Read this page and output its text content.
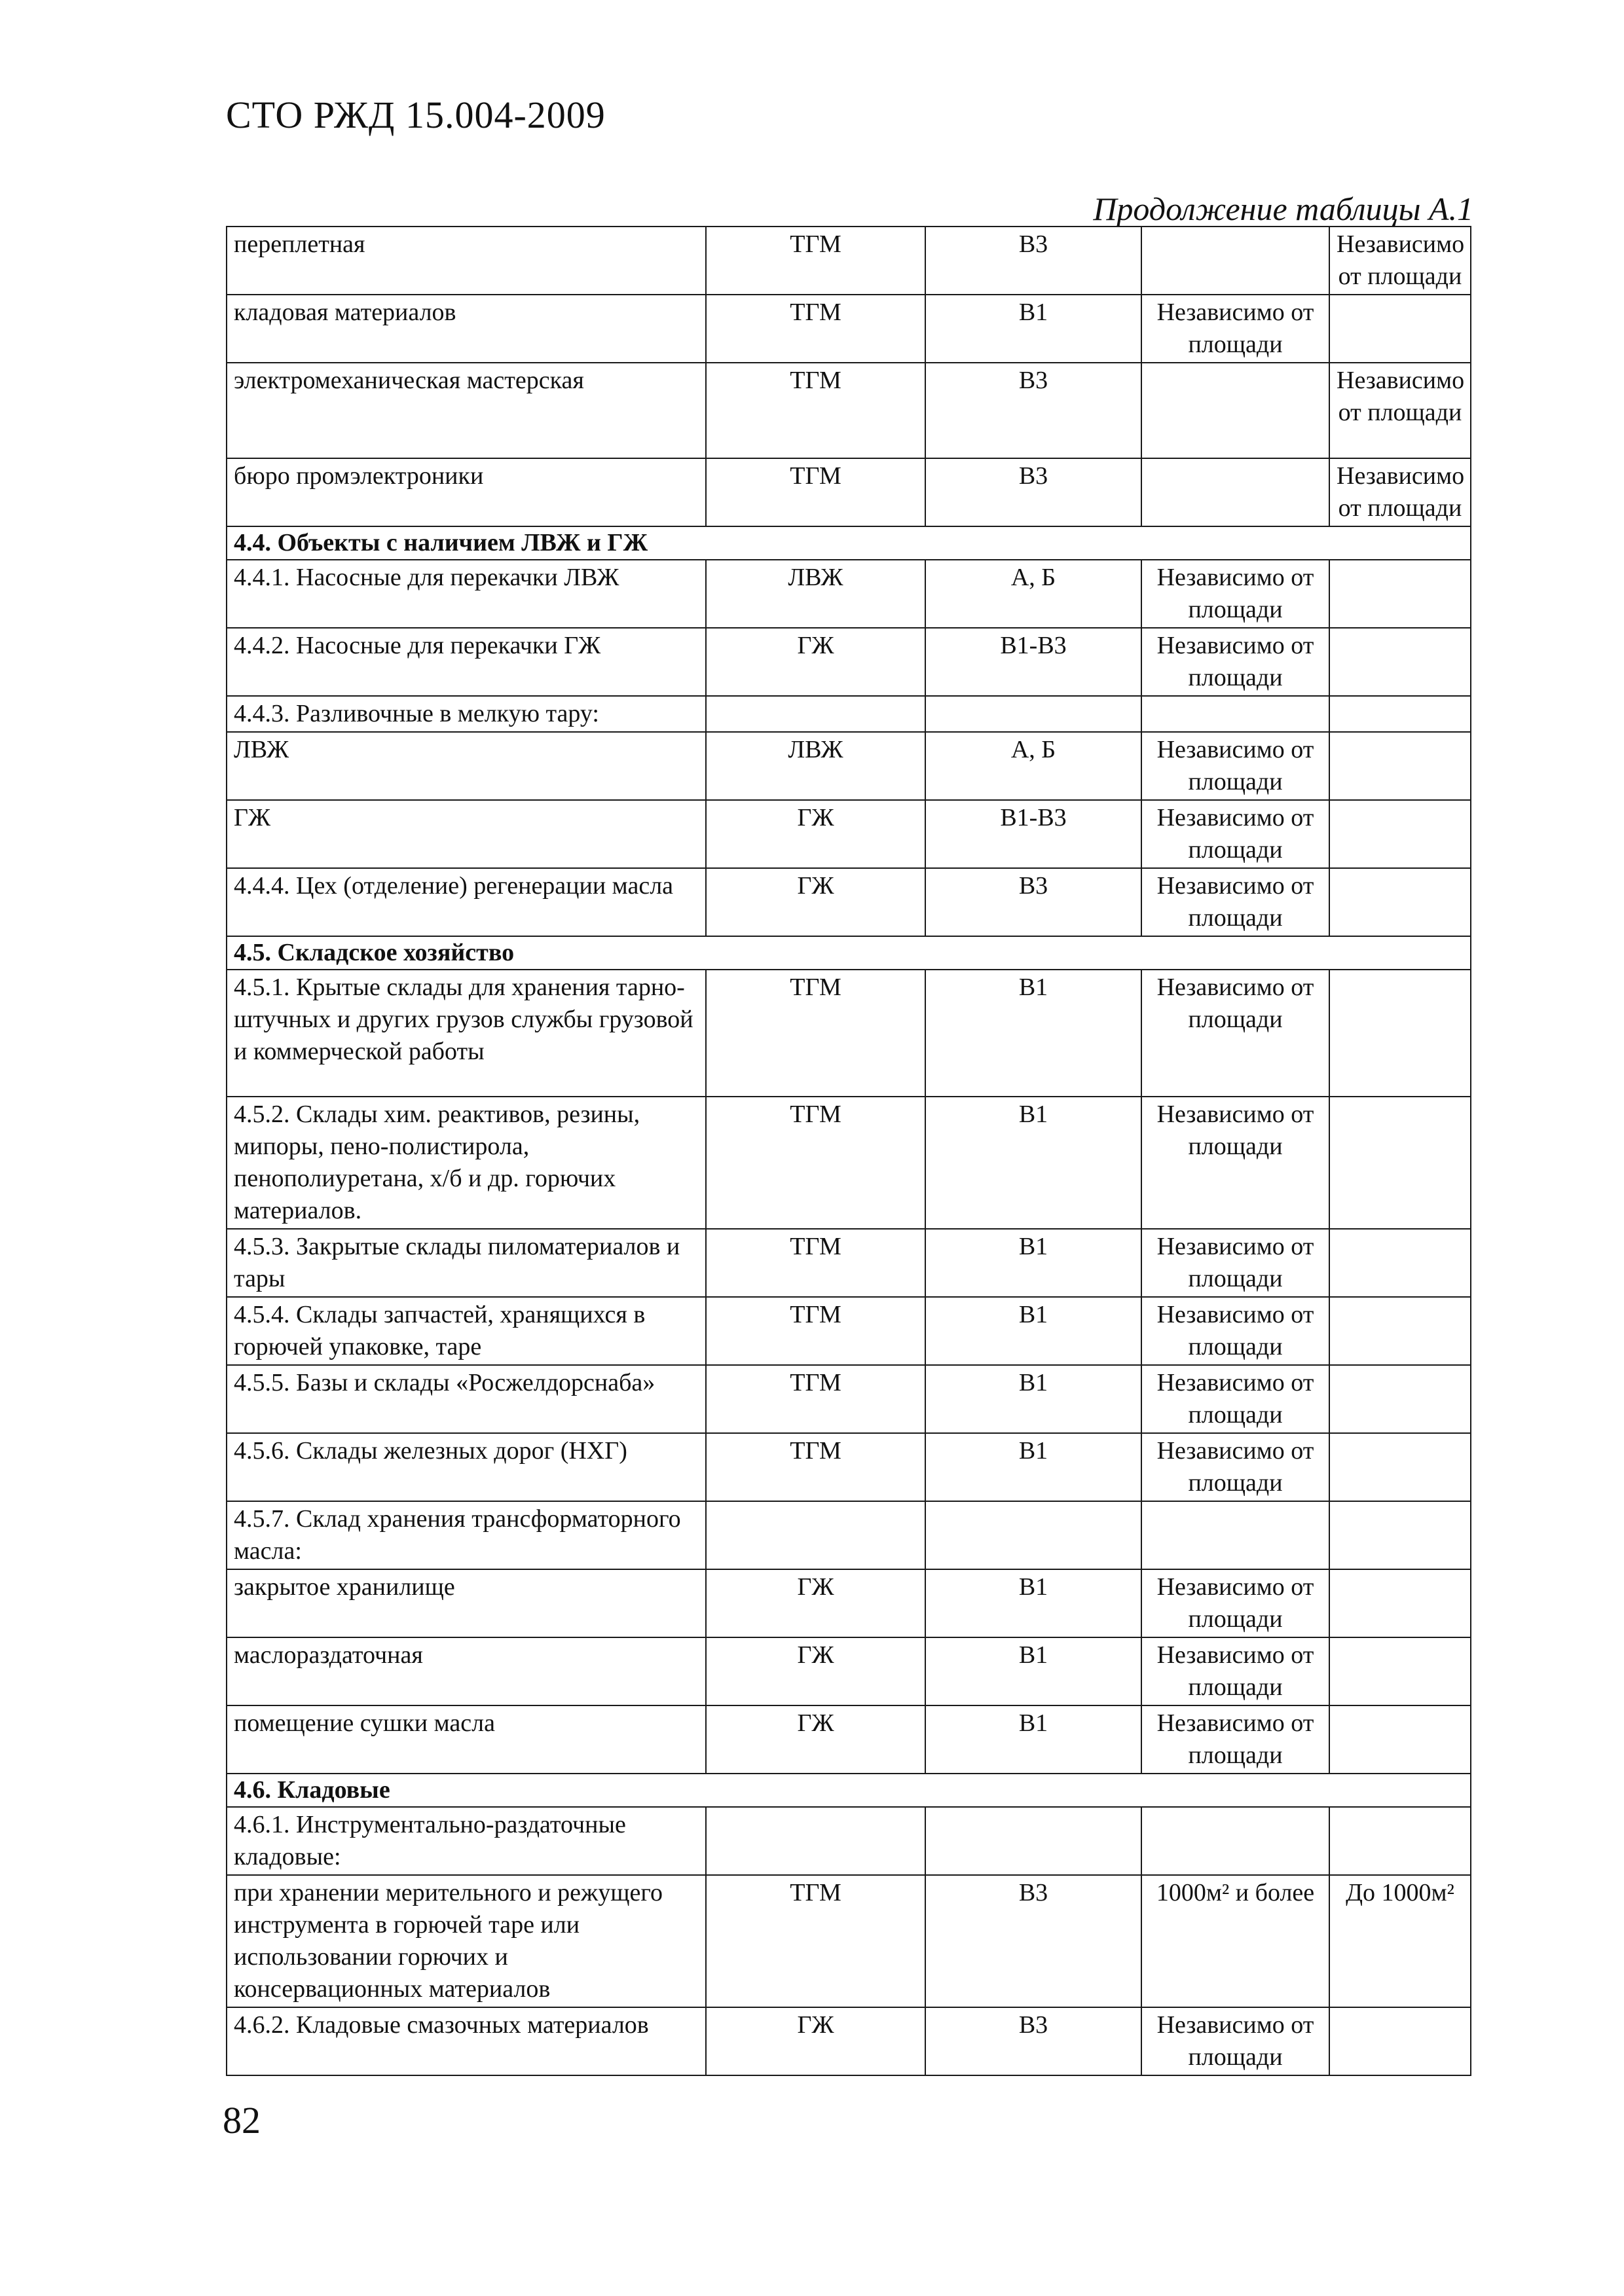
СТО РЖД 15.004-2009
Продолжение таблицы А.1
переплетная	ТГМ	В3		Независимо от площади
кладовая материалов	ТГМ	В1	Независимо от площади	
электромеханическая мастерская	ТГМ	В3		Независимо от площади
бюро промэлектроники	ТГМ	В3		Независимо от площади
4.4. Объекты с наличием ЛВЖ и ГЖ				
4.4.1. Насосные для перекачки ЛВЖ	ЛВЖ	А, Б	Независимо от площади	
4.4.2. Насосные для перекачки ГЖ	ГЖ	В1-В3	Независимо от площади	
4.4.3. Разливочные в мелкую тару:				
ЛВЖ	ЛВЖ	А, Б	Независимо от площади	
ГЖ	ГЖ	В1-В3	Независимо от площади	
4.4.4. Цех (отделение) регенерации масла	ГЖ	В3	Независимо от площади	
4.5. Складское хозяйство				
4.5.1. Крытые склады для хранения тарно-штучных и других грузов службы грузовой и коммерческой работы	ТГМ	В1	Независимо от площади	
4.5.2. Склады хим. реактивов, резины, мипоры, пено-полистирола, пенополиуретана, х/б и др. горючих материалов.	ТГМ	В1	Независимо от площади	
4.5.3. Закрытые склады пиломатериалов и тары	ТГМ	В1	Независимо от площади	
4.5.4. Склады запчастей, хранящихся в горючей упаковке, таре	ТГМ	В1	Независимо от площади	
4.5.5. Базы и склады «Росжелдорснаба»	ТГМ	В1	Независимо от площади	
4.5.6. Склады железных дорог (НХГ)	ТГМ	В1	Независимо от площади	
4.5.7. Склад хранения трансформаторного масла:				
закрытое хранилище	ГЖ	В1	Независимо от площади	
маслораздаточная	ГЖ	В1	Независимо от площади	
помещение сушки масла	ГЖ	В1	Независимо от площади	
4.6. Кладовые				
4.6.1. Инструментально-раздаточные кладовые:				
при хранении мерительного и режущего инструмента в горючей таре или использовании горючих и консервационных материалов	ТГМ	В3	1000м² и более	До 1000м²
4.6.2. Кладовые смазочных материалов	ГЖ	В3	Независимо от площади	
82
